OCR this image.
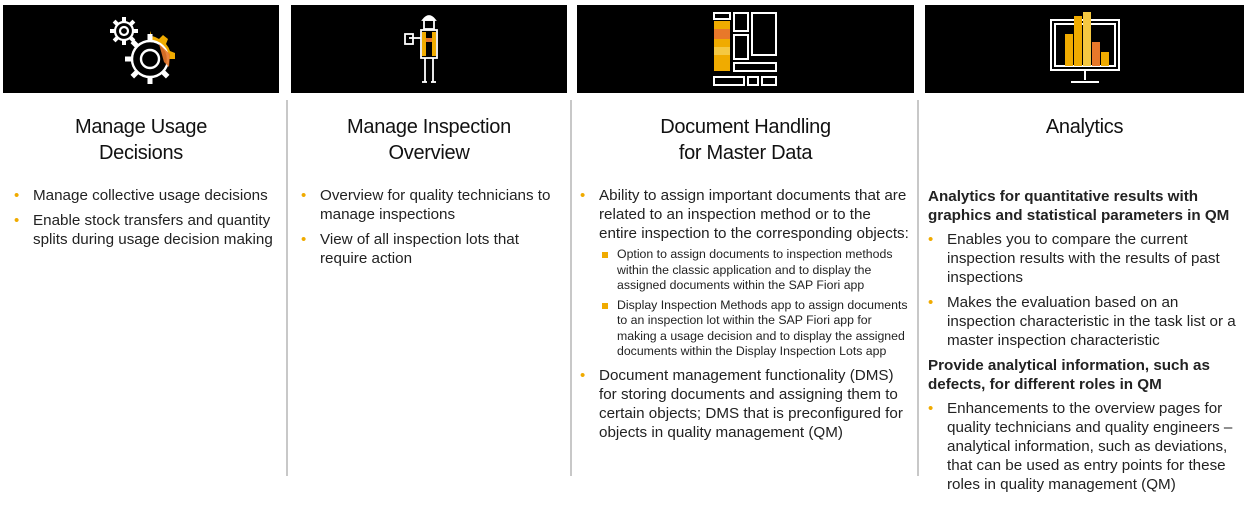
Manage Usage
Decisions
• Manage collective usage decisions
• Enable stock transfers and quantity splits during usage decision making
Manage Inspection
Overview
• Overview for quality technicians to manage inspections
• View of all inspection lots that require action
Document Handling
for Master Data
• Ability to assign important documents that are related to an inspection method or to the entire inspection to the corresponding objects:
Option to assign documents to inspection methods within the classic application and to display the assigned documents within the SAP Fiori app
Display Inspection Methods app to assign documents to an inspection lot within the SAP Fiori app for making a usage decision and to display the assigned documents within the Display Inspection Lots app
• Document management functionality (DMS) for storing documents and assigning them to certain objects; DMS that is preconfigured for objects in quality management (QM)
Analytics
Analytics for quantitative results with graphics and statistical parameters in QM
• Enables you to compare the current inspection results with the results of past inspections
• Makes the evaluation based on an inspection characteristic in the task list or a master inspection characteristic
Provide analytical information, such as defects, for different roles in QM
• Enhancements to the overview pages for quality technicians and quality engineers – analytical information, such as deviations, that can be used as entry points for these roles in quality management (QM)
